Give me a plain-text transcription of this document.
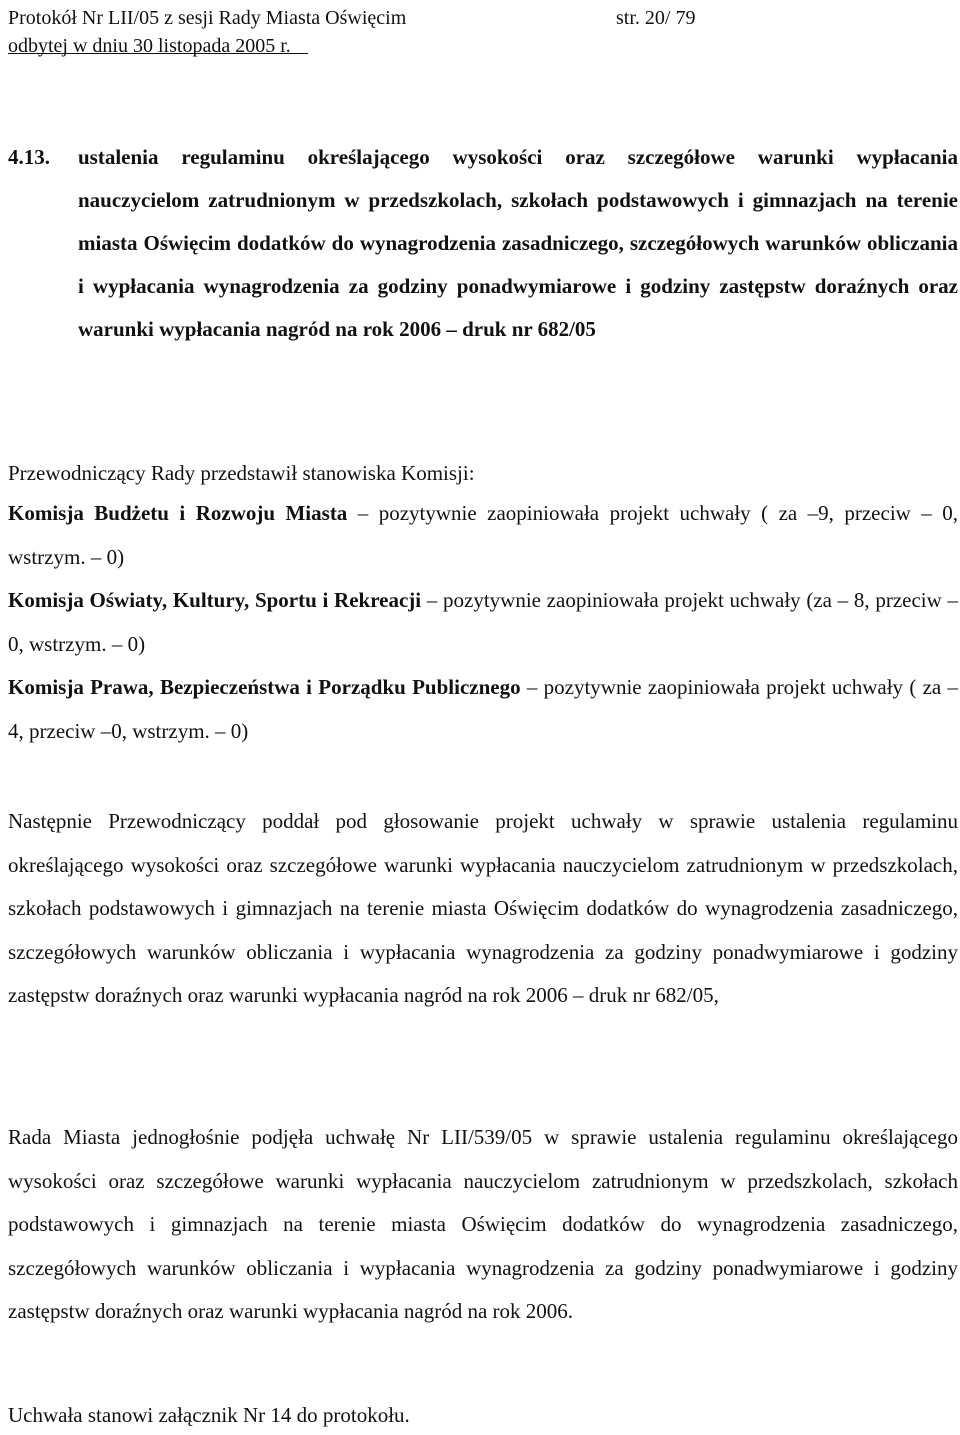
Protokół Nr LII/05 z sesji Rady Miasta Oświęcim	str. 20/ 79
odbytej w dniu 30 listopada 2005 r.
4.13. ustalenia regulaminu określającego wysokości oraz szczegółowe warunki wypłacania nauczycielom zatrudnionym w przedszkolach, szkołach podstawowych i gimnazjach na terenie miasta Oświęcim dodatków do wynagrodzenia zasadniczego, szczegółowych warunków obliczania i wypłacania wynagrodzenia za godziny ponadwymiarowe i godziny zastępstw doraźnych oraz warunki wypłacania nagród na rok 2006 – druk nr 682/05
Przewodniczący Rady przedstawił stanowiska Komisji:

Komisja Budżetu i Rozwoju Miasta – pozytywnie zaopiniowała projekt uchwały ( za –9, przeciw – 0, wstrzym. – 0)

Komisja Oświaty, Kultury, Sportu i Rekreacji – pozytywnie zaopiniowała projekt uchwały (za – 8, przeciw – 0, wstrzym. – 0)

Komisja Prawa, Bezpieczeństwa i Porządku Publicznego – pozytywnie zaopiniowała projekt uchwały ( za –4, przeciw –0, wstrzym. – 0)

Następnie Przewodniczący poddał pod głosowanie projekt uchwały w sprawie ustalenia regulaminu określającego wysokości oraz szczegółowe warunki wypłacania nauczycielom zatrudnionym w przedszkolach, szkołach podstawowych i gimnazjach na terenie miasta Oświęcim dodatków do wynagrodzenia zasadniczego, szczegółowych warunków obliczania i wypłacania wynagrodzenia za godziny ponadwymiarowe i godziny zastępstw doraźnych oraz warunki wypłacania nagród na rok 2006 – druk nr 682/05,
Rada Miasta jednogłośnie podjęła uchwałę Nr LII/539/05 w sprawie ustalenia regulaminu określającego wysokości oraz szczegółowe warunki wypłacania nauczycielom zatrudnionym w przedszkolach, szkołach podstawowych i gimnazjach na terenie miasta Oświęcim dodatków do wynagrodzenia zasadniczego, szczegółowych warunków obliczania i wypłacania wynagrodzenia za godziny ponadwymiarowe i godziny zastępstw doraźnych oraz warunki wypłacania nagród na rok 2006.
Uchwała stanowi załącznik Nr 14 do protokołu.
